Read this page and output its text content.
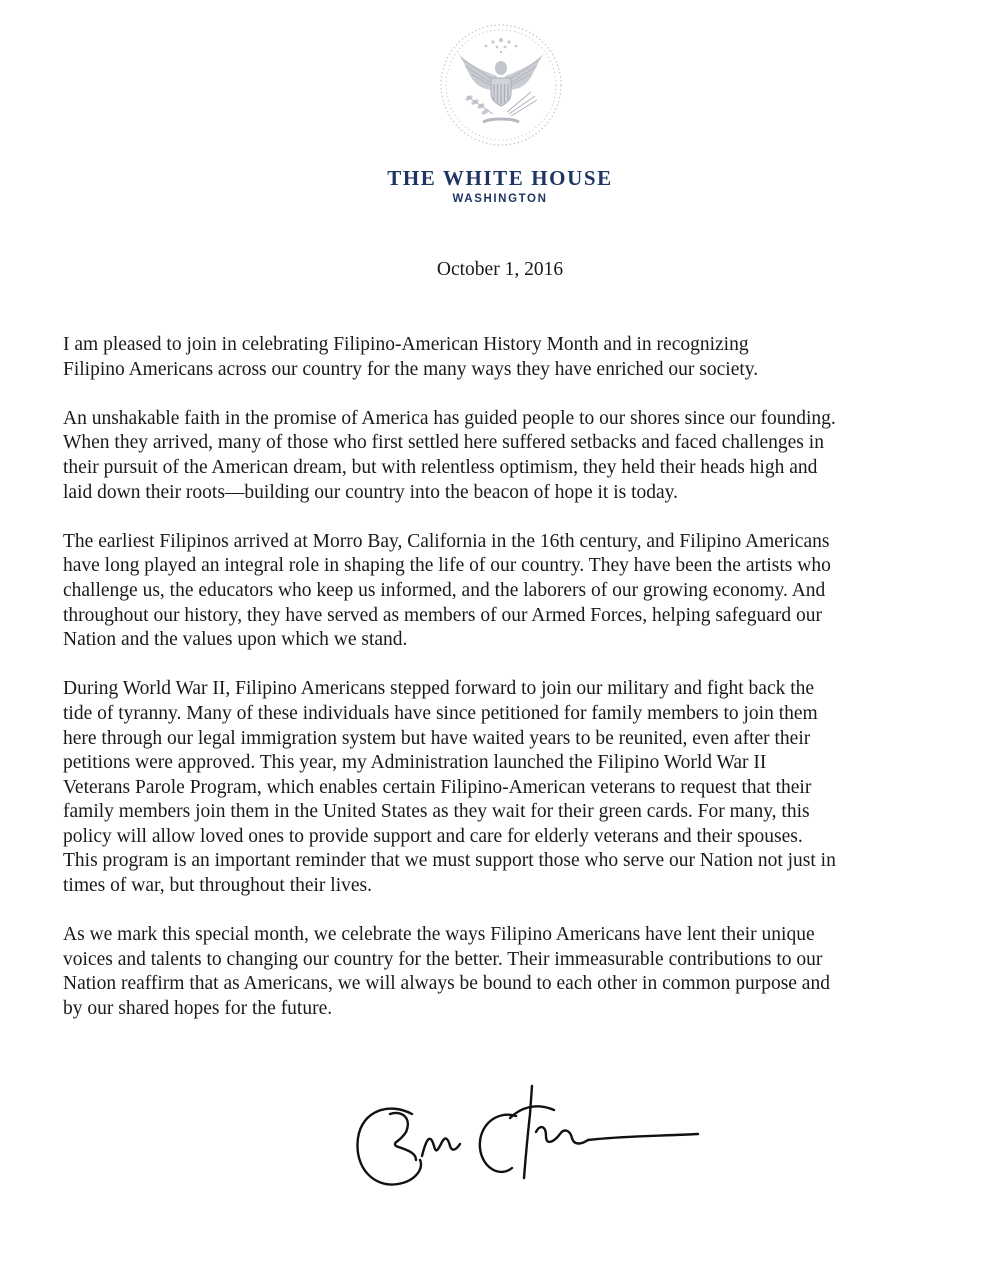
THE WHITE HOUSE
WASHINGTON
October 1, 2016

I am pleased to join in celebrating Filipino-American History Month and in recognizing
Filipino Americans across our country for the many ways they have enriched our society.

An unshakable faith in the promise of America has guided people to our shores since our founding.
When they arrived, many of those who first settled here suffered setbacks and faced challenges in
their pursuit of the American dream, but with relentless optimism, they held their heads high and
laid down their roots—building our country into the beacon of hope it is today.

The earliest Filipinos arrived at Morro Bay, California in the 16th century, and Filipino Americans
have long played an integral role in shaping the life of our country. They have been the artists who
challenge us, the educators who keep us informed, and the laborers of our growing economy. And
throughout our history, they have served as members of our Armed Forces, helping safeguard our
Nation and the values upon which we stand.

During World War II, Filipino Americans stepped forward to join our military and fight back the
tide of tyranny. Many of these individuals have since petitioned for family members to join them
here through our legal immigration system but have waited years to be reunited, even after their
petitions were approved. This year, my Administration launched the Filipino World War II
Veterans Parole Program, which enables certain Filipino-American veterans to request that their
family members join them in the United States as they wait for their green cards. For many, this
policy will allow loved ones to provide support and care for elderly veterans and their spouses.
This program is an important reminder that we must support those who serve our Nation not just in
times of war, but throughout their lives.

As we mark this special month, we celebrate the ways Filipino Americans have lent their unique
voices and talents to changing our country for the better. Their immeasurable contributions to our
Nation reaffirm that as Americans, we will always be bound to each other in common purpose and
by our shared hopes for the future.
